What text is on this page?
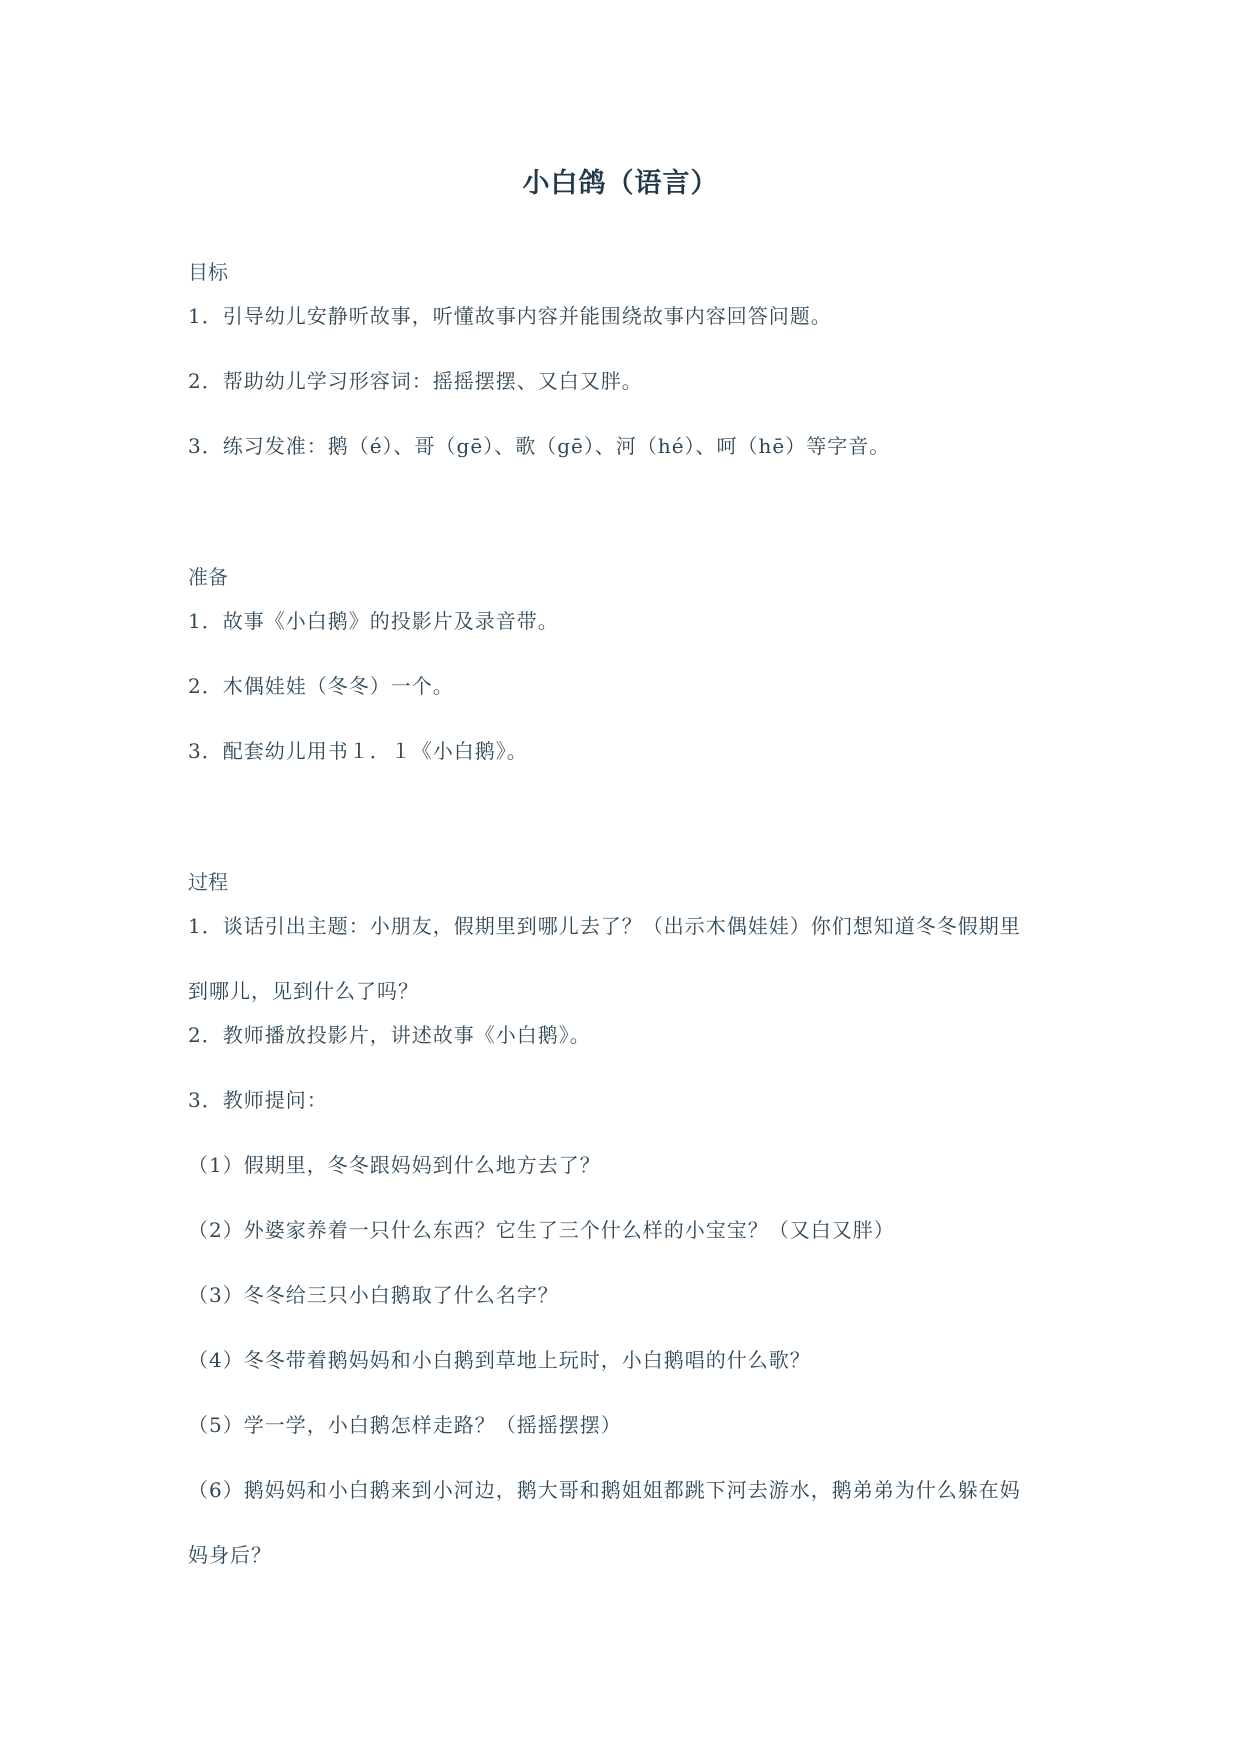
小白鸽（语言）
目标
1．引导幼儿安静听故事，听懂故事内容并能围绕故事内容回答问题。
2．帮助幼儿学习形容词：摇摇摆摆、又白又胖。
3．练习发准：鹅（é）、哥（gē）、歌（gē）、河（hé）、呵（hē）等字音。
准备
1．故事《小白鹅》的投影片及录音带。
2．木偶娃娃（冬冬）一个。
3．配套幼儿用书１．１《小白鹅》。
过程
1．谈话引出主题：小朋友，假期里到哪儿去了？（出示木偶娃娃）你们想知道冬冬假期里
到哪儿，见到什么了吗？
2．教师播放投影片，讲述故事《小白鹅》。
3．教师提问：
（1）假期里，冬冬跟妈妈到什么地方去了？
（2）外婆家养着一只什么东西？它生了三个什么样的小宝宝？（又白又胖）
（3）冬冬给三只小白鹅取了什么名字？
（4）冬冬带着鹅妈妈和小白鹅到草地上玩时，小白鹅唱的什么歌？
（5）学一学，小白鹅怎样走路？（摇摇摆摆）
（6）鹅妈妈和小白鹅来到小河边，鹅大哥和鹅姐姐都跳下河去游水，鹅弟弟为什么躲在妈
妈身后？
